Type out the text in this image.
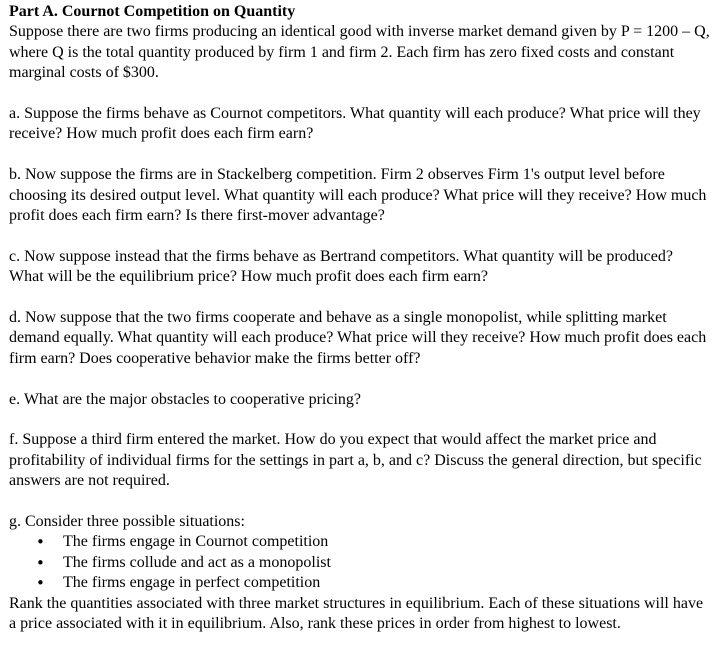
Part A. Cournot Competition on Quantity

Suppose there are two firms producing an identical good with inverse market demand given by P = 1200 – Q, where Q is the total quantity produced by firm 1 and firm 2. Each firm has zero fixed costs and constant marginal costs of $300.

a. Suppose the firms behave as Cournot competitors. What quantity will each produce? What price will they receive? How much profit does each firm earn?

b. Now suppose the firms are in Stackelberg competition. Firm 2 observes Firm 1's output level before choosing its desired output level. What quantity will each produce? What price will they receive? How much profit does each firm earn? Is there first-mover advantage?

c. Now suppose instead that the firms behave as Bertrand competitors. What quantity will be produced? What will be the equilibrium price? How much profit does each firm earn?

d. Now suppose that the two firms cooperate and behave as a single monopolist, while splitting market demand equally. What quantity will each produce? What price will they receive? How much profit does each firm earn? Does cooperative behavior make the firms better off?

e. What are the major obstacles to cooperative pricing?

f. Suppose a third firm entered the market. How do you expect that would affect the market price and profitability of individual firms for the settings in part a, b, and c? Discuss the general direction, but specific answers are not required.

g. Consider three possible situations:

• The firms engage in Cournot competition
• The firms collude and act as a monopolist
• The firms engage in perfect competition

Rank the quantities associated with three market structures in equilibrium. Each of these situations will have a price associated with it in equilibrium. Also, rank these prices in order from highest to lowest.
